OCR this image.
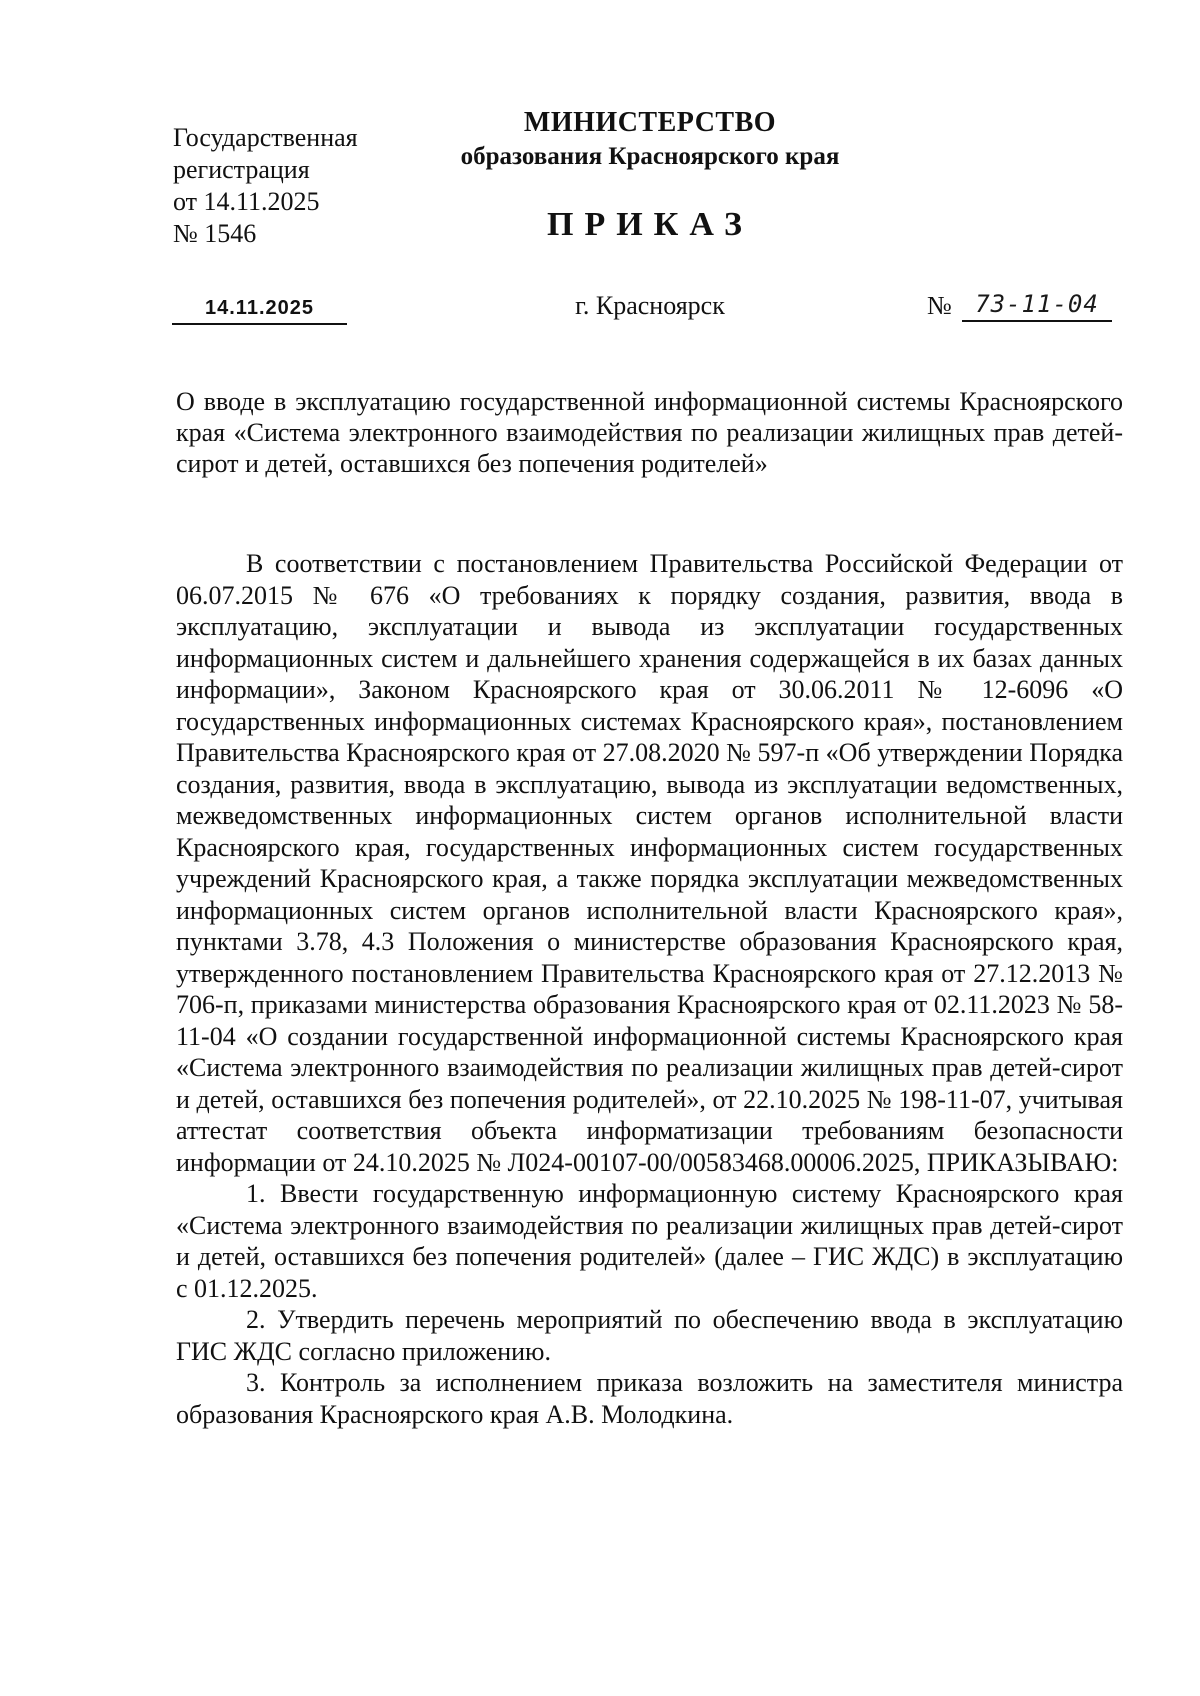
Государственная
регистрация
от 14.11.2025
№ 1546
МИНИСТЕРСТВО
образования Красноярского края
ПРИКАЗ
14.11.2025	г. Красноярск	№ 73-11-04
О вводе в эксплуатацию государственной информационной системы Красноярского края «Система электронного взаимодействия по реализации жилищных прав детей-сирот и детей, оставшихся без попечения родителей»

В соответствии с постановлением Правительства Российской Федерации от 06.07.2015 № 676 «О требованиях к порядку создания, развития, ввода в эксплуатацию, эксплуатации и вывода из эксплуатации государственных информационных систем и дальнейшего хранения содержащейся в их базах данных информации», Законом Красноярского края от 30.06.2011 № 12-6096 «О государственных информационных системах Красноярского края», постановлением Правительства Красноярского края от 27.08.2020 № 597-п «Об утверждении Порядка создания, развития, ввода в эксплуатацию, вывода из эксплуатации ведомственных, межведомственных информационных систем органов исполнительной власти Красноярского края, государственных информационных систем государственных учреждений Красноярского края, а также порядка эксплуатации межведомственных информационных систем органов исполнительной власти Красноярского края», пунктами 3.78, 4.3 Положения о министерстве образования Красноярского края, утвержденного постановлением Правительства Красноярского края от 27.12.2013 № 706-п, приказами министерства образования Красноярского края от 02.11.2023 № 58-11-04 «О создании государственной информационной системы Красноярского края «Система электронного взаимодействия по реализации жилищных прав детей-сирот и детей, оставшихся без попечения родителей», от 22.10.2025 № 198-11-07, учитывая аттестат соответствия объекта информатизации требованиям безопасности информации от 24.10.2025 № Л024-00107-00/00583468.00006.2025, ПРИКАЗЫВАЮ:

1. Ввести государственную информационную систему Красноярского края «Система электронного взаимодействия по реализации жилищных прав детей-сирот и детей, оставшихся без попечения родителей» (далее – ГИС ЖДС) в эксплуатацию с 01.12.2025.

2. Утвердить перечень мероприятий по обеспечению ввода в эксплуатацию ГИС ЖДС согласно приложению.

3. Контроль за исполнением приказа возложить на заместителя министра образования Красноярского края А.В. Молодкина.
